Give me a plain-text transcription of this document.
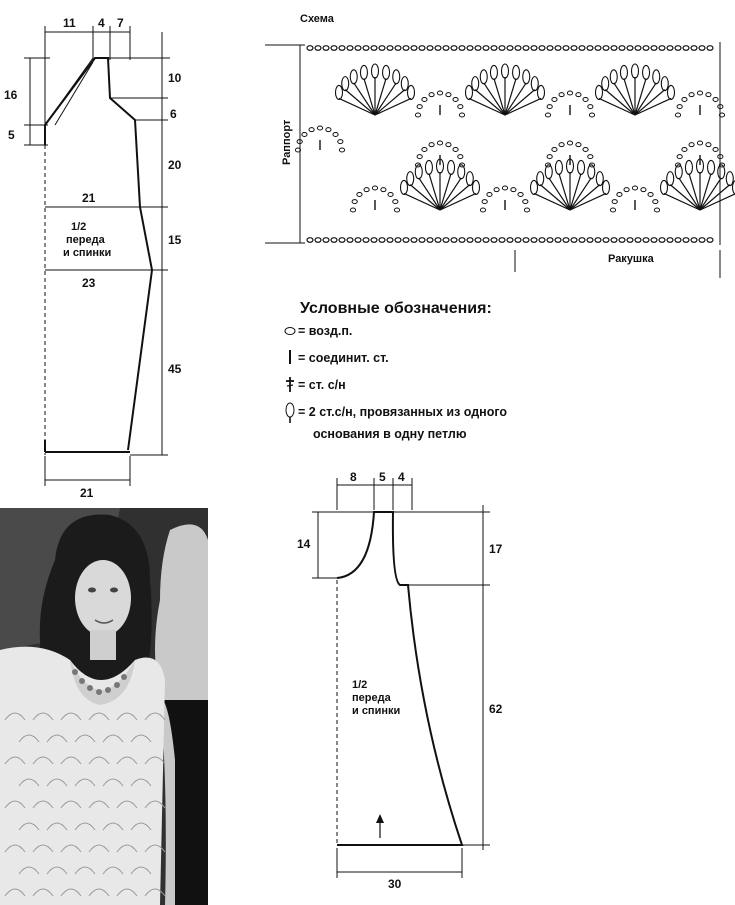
11 4 7
16
5
10
6
20
15
45
21
23
1/2
переда
и спинки
21
Схема
Раппорт
Ракушка
Условные обозначения:
= возд.п.
= соединит. ст.
= ст. с/н
= 2 ст.с/н, провязанных из одного
основания в одну петлю
8 5 4
14	17
62
1/2
переда
и спинки
30
